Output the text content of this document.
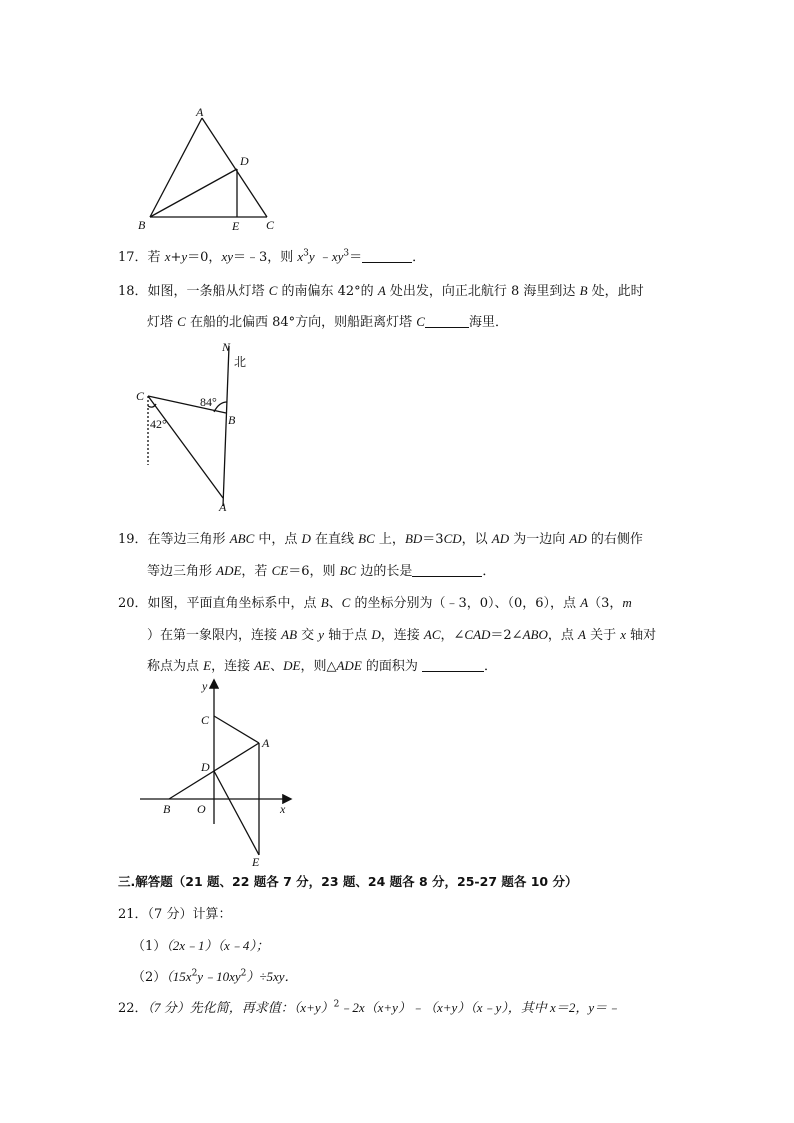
A
B	C
D
E
17．若 x+y＝0，xy＝﹣3，则 $x^3y$ $﹣xy^3=$	．
18．如图，一条船从灯塔 C 的南偏东 42°的 A 处出发，向正北航行 8 海里到达 B 处，此时
灯塔 C 在船的北偏西 84°方向，则船距离灯塔 C	海里．
N
北
C
B
A
84°
42°
19．在等边三角形 ABC 中，点 D 在直线 BC 上，BD＝3CD，以 AD 为一边向 AD 的右侧作
等边三角形 ADE，若 CE＝6，则 BC 边的长是	．
20．如图，平面直角坐标系中，点 B、C 的坐标分别为（﹣3，0）、（0，6），点 A（3，m
）在第一象限内，连接 AB 交 y 轴于点 D，连接 AC，∠CAD＝2∠ABO，点 A 关于 x 轴对
称点为点 E，连接 AE、DE，则△ADE 的面积为	．
y
x
C
A
D
B O
E
三.解答题（21 题、22 题各 7 分，23 题、24 题各 8 分，25-27 题各 10 分）
21．（7 分）计算：
（1）（2x﹣1）（x﹣4）；
$(2)(15x^2y﹣10xy^2)\div 5xy$．
22．（7 分）先化简，再求值：$(x+y)^2﹣2x(x+y)﹣(x+y)(x﹣y)$，其中 x＝2，y＝﹣
